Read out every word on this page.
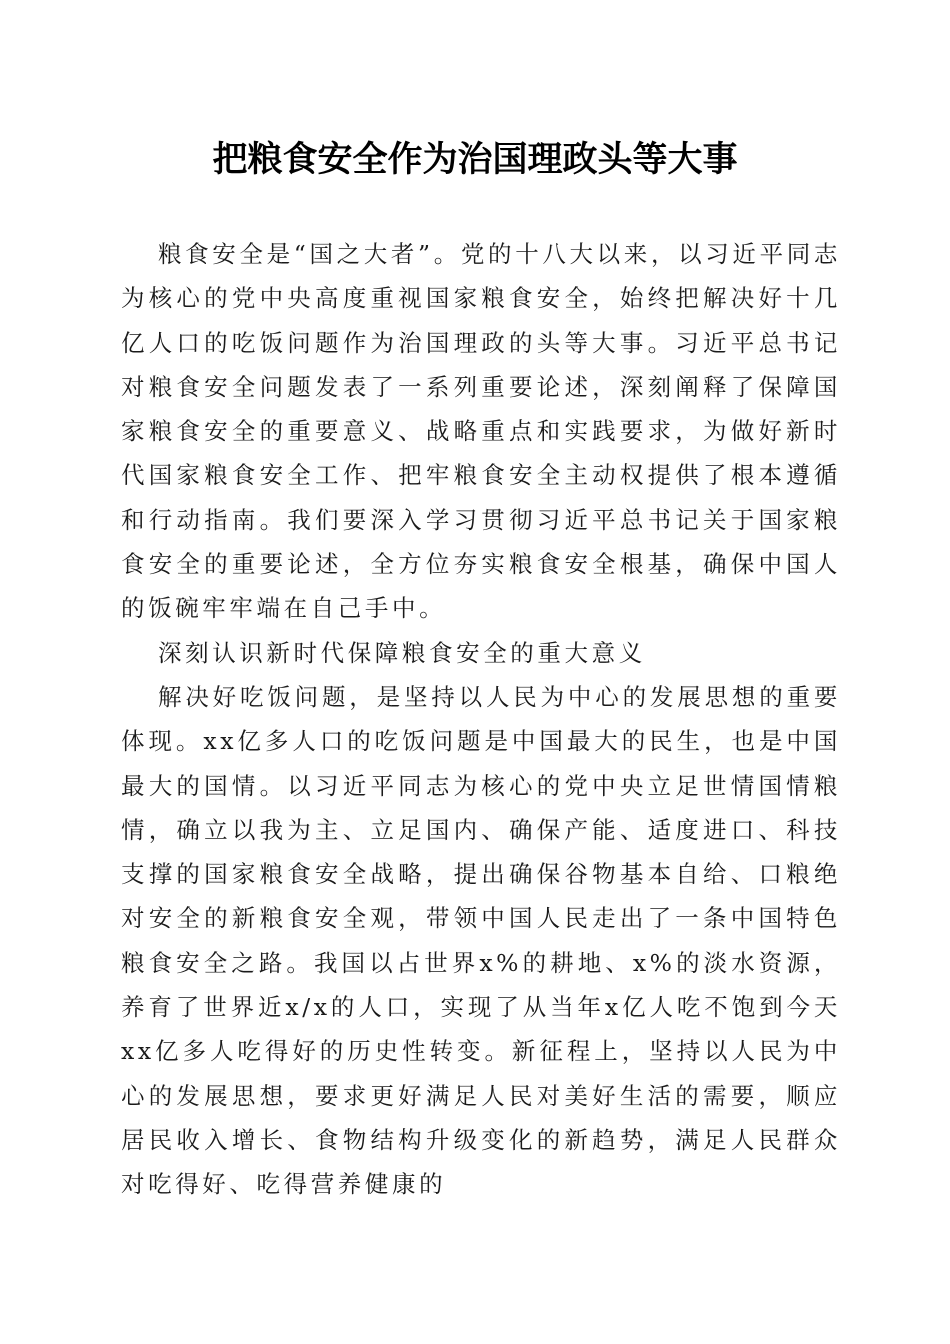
把粮食安全作为治国理政头等大事

粮食安全是“国之大者”。党的十八大以来，以习近平同志为核心的党中央高度重视国家粮食安全，始终把解决好十几亿人口的吃饭问题作为治国理政的头等大事。习近平总书记对粮食安全问题发表了一系列重要论述，深刻阐释了保障国家粮食安全的重要意义、战略重点和实践要求，为做好新时代国家粮食安全工作、把牢粮食安全主动权提供了根本遵循和行动指南。我们要深入学习贯彻习近平总书记关于国家粮食安全的重要论述，全方位夯实粮食安全根基，确保中国人的饭碗牢牢端在自己手中。

深刻认识新时代保障粮食安全的重大意义

解决好吃饭问题，是坚持以人民为中心的发展思想的重要体现。xx亿多人口的吃饭问题是中国最大的民生，也是中国最大的国情。以习近平同志为核心的党中央立足世情国情粮情，确立以我为主、立足国内、确保产能、适度进口、科技支撑的国家粮食安全战略，提出确保谷物基本自给、口粮绝对安全的新粮食安全观，带领中国人民走出了一条中国特色粮食安全之路。我国以占世界x%的耕地、x%的淡水资源，养育了世界近x/x的人口，实现了从当年x亿人吃不饱到今天xx亿多人吃得好的历史性转变。新征程上，坚持以人民为中心的发展思想，要求更好满足人民对美好生活的需要，顺应居民收入增长、食物结构升级变化的新趋势，满足人民群众对吃得好、吃得营养健康的
